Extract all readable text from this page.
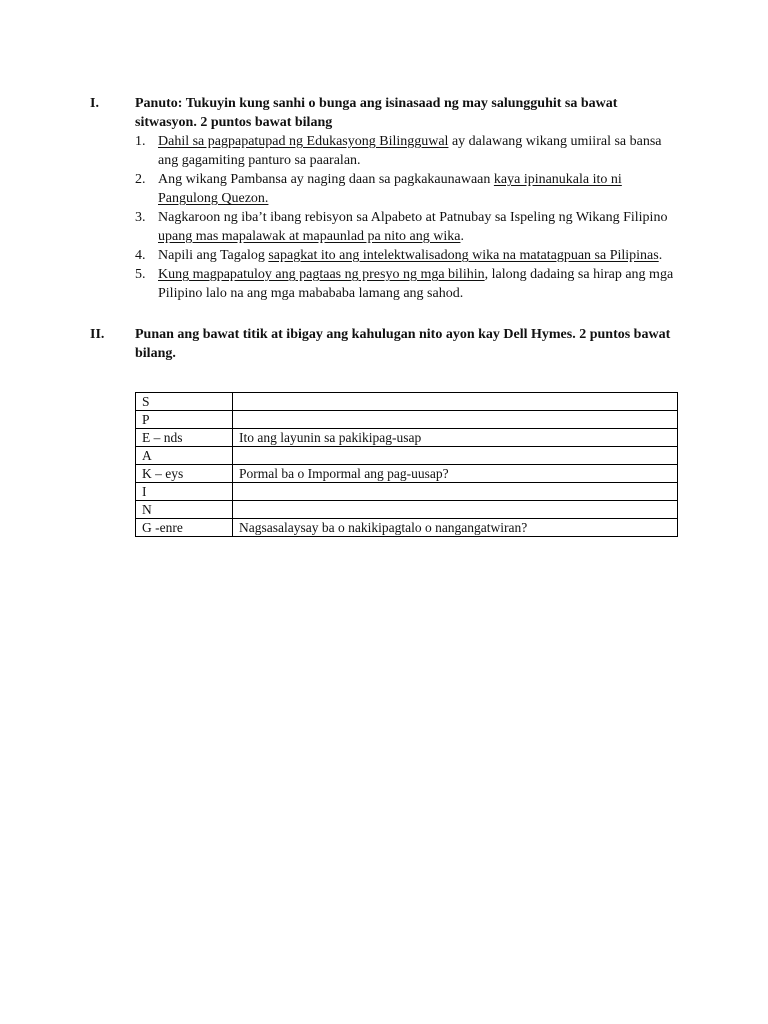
I.	Panuto: Tukuyin kung sanhi o bunga ang isinasaad ng may salungguhit sa bawat sitwasyon. 2 puntos bawat bilang
1. Dahil sa pagpapatupad ng Edukasyong Bilingguwal ay dalawang wikang umiiral sa bansa ang gagamiting panturo sa paaralan.
2. Ang wikang Pambansa ay naging daan sa pagkakaunawaan kaya ipinanukala ito ni Pangulong Quezon.
3. Nagkaroon ng iba’t ibang rebisyon sa Alpabeto at Patnubay sa Ispeling ng Wikang Filipino upang mas mapalawak at mapaunlad pa nito ang wika.
4. Napili ang Tagalog sapagkat ito ang intelektwalisadong wika na matatagpuan sa Pilipinas.
5. Kung magpapatuloy ang pagtaas ng presyo ng mga bilihin, lalong dadaing sa hirap ang mga Pilipino lalo na ang mga mabababa lamang ang sahod.
II.	Punan ang bawat titik at ibigay ang kahulugan nito ayon kay Dell Hymes. 2 puntos bawat bilang.
S	
P	
E – nds	Ito ang layunin sa pakikipag-usap
A	
K – eys	Pormal ba o Impormal ang pag-uusap?
I	
N	
G -enre	Nagsasalaysay ba o nakikipagtalo o nangangatwiran?
